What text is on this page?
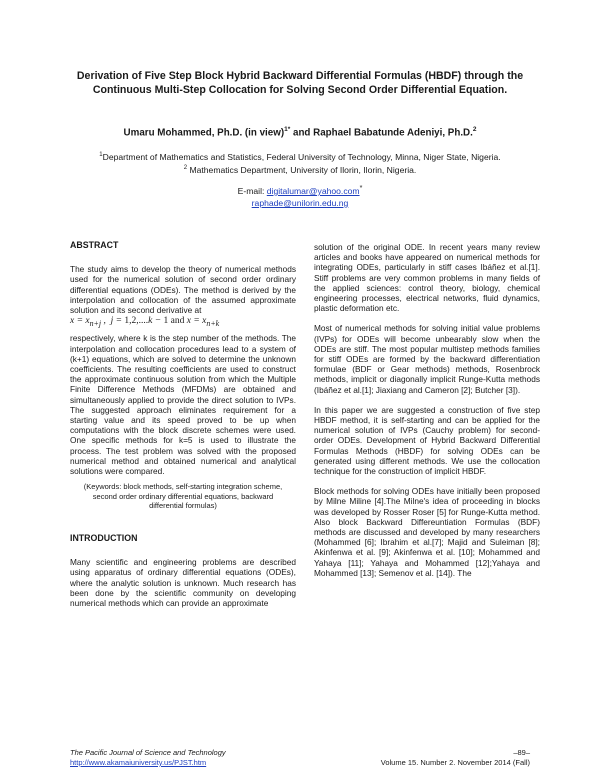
Derivation of Five Step Block Hybrid Backward Differential Formulas (HBDF) through the Continuous Multi-Step Collocation for Solving Second Order Differential Equation.
Umaru Mohammed, Ph.D. (in view)$^{1*}$ and Raphael Babatunde Adeniyi, Ph.D.$^2$
$^1$Department of Mathematics and Statistics, Federal University of Technology, Minna, Niger State, Nigeria.
$^2$ Mathematics Department, University of Ilorin, Ilorin, Nigeria.
E-mail: digitalumar@yahoo.com*
raphade@unilorin.edu.ng
ABSTRACT
The study aims to develop the theory of numerical methods used for the numerical solution of second order ordinary differential equations (ODEs). The method is derived by the interpolation and collocation of the assumed approximate solution and its second derivative at
$x = x_{n+j}$ ,  j = 1,2,....k − 1 and $x = x_{n+k}$
respectively, where k is the step number of the methods. The interpolation and collocation procedures lead to a system of (k+1) equations, which are solved to determine the unknown coefficients. The resulting coefficients are used to construct the approximate continuous solution from which the Multiple Finite Difference Methods (MFDMs) are obtained and simultaneously applied to provide the direct solution to IVPs. The suggested approach eliminates requirement for a starting value and its speed proved to be up when computations with the block discrete schemes were used. One specific methods for k=5 is used to illustrate the process. The test problem was solved with the proposed numerical method and obtained numerical and analytical solutions were compared.
(Keywords: block methods, self-starting integration scheme, second order ordinary differential equations, backward differential formulas)
INTRODUCTION
Many scientific and engineering problems are described using apparatus of ordinary differential equations (ODEs), where the analytic solution is unknown. Much research has been done by the scientific community on developing numerical methods which can provide an approximate
solution of the original ODE. In recent years many review articles and books have appeared on numerical methods for integrating ODEs, particularly in stiff cases Ibáñez et al.[1]. Stiff problems are very common problems in many fields of the applied sciences: control theory, biology, chemical engineering processes, electrical networks, fluid dynamics, plastic deformation etc.
Most of numerical methods for solving initial value problems (IVPs) for ODEs will become unbearably slow when the ODEs are stiff. The most popular multistep methods families for stiff ODEs are formed by the backward differentiation formulae (BDF or Gear methods) methods, Rosenbrock methods, implicit or diagonally implicit Runge-Kutta methods (Ibáñez et al.[1]; Jiaxiang and Cameron [2]; Butcher [3]).
In this paper we are suggested a construction of five step HBDF method, it is self-starting and can be applied for the numerical solution of IVPs (Cauchy problem) for second-order ODEs. Development of Hybrid Backward Differential Formulas Methods (HBDF) for solving ODEs can be generated using different methods. We use the collocation technique for the construction of implicit HBDF.
Block methods for solving ODEs have initially been proposed by Milne Miline [4].The Milne's idea of proceeding in blocks was developed by Rosser Roser [5] for Runge-Kutta method. Also block Backward Differeuntiation Formulas (BDF) methods are discussed and developed by many researchers (Mohammed [6]; Ibrahim et al.[7]; Majid and Suleiman [8]; Akinfenwa et al. [9]; Akinfenwa et al. [10]; Mohammed and Yahaya [11]; Yahaya and Mohammed [12];Yahaya and Mohammed [13]; Semenov et al. [14]). The
The Pacific Journal of Science and Technology
http://www.akamaiuniversity.us/PJST.htm
–89–
Volume 15. Number 2. November 2014 (Fall)
